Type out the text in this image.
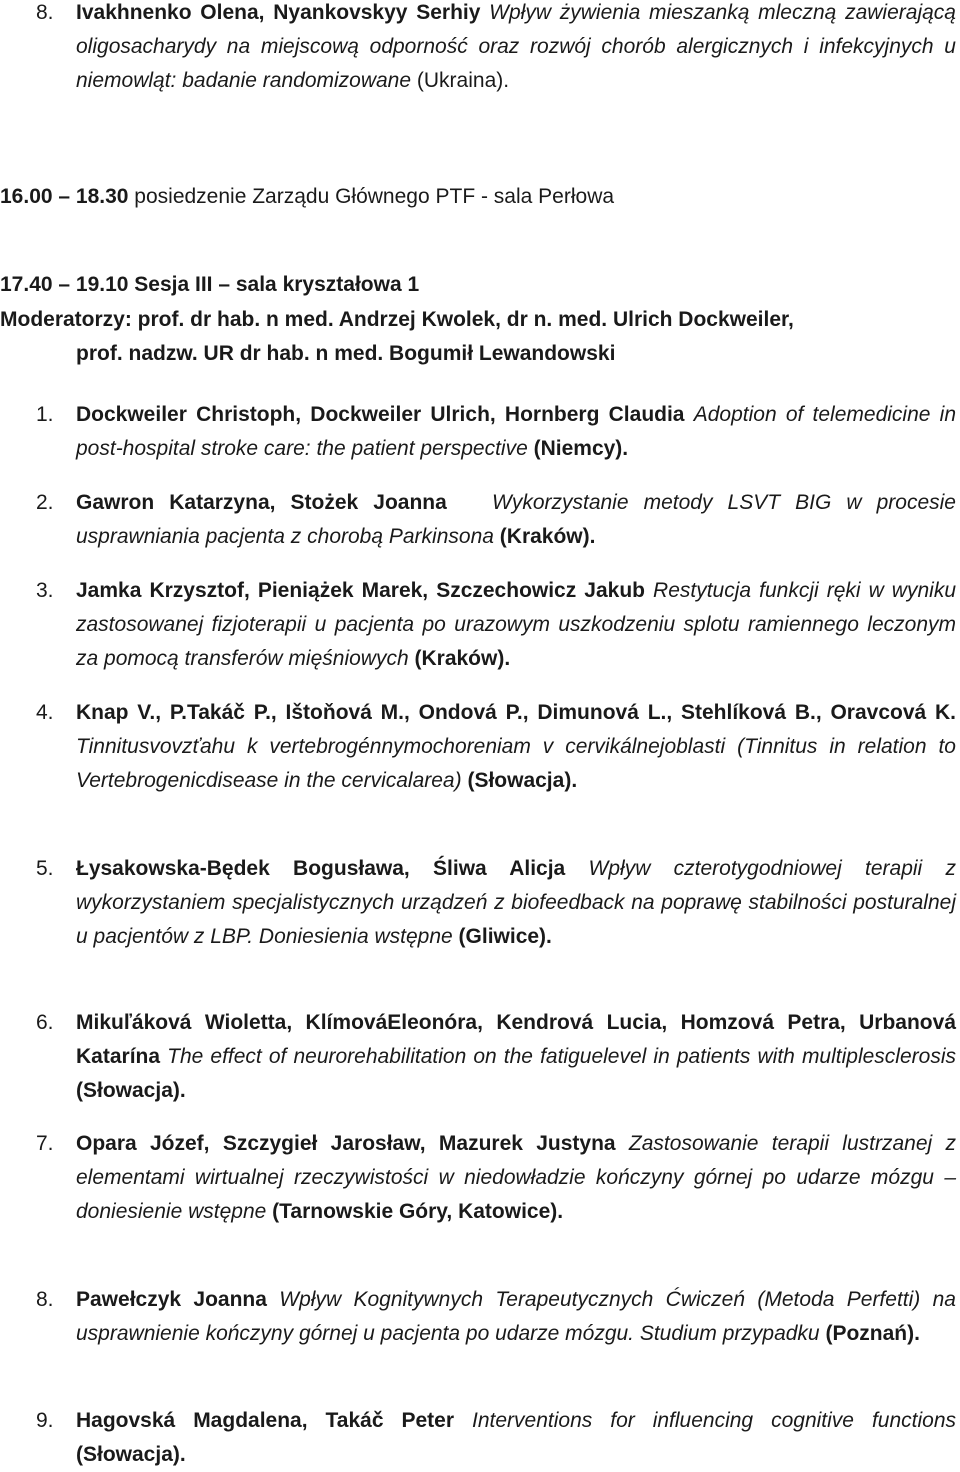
8. Ivakhnenko Olena, Nyankovskyy Serhiy Wpływ żywienia mieszanką mleczną zawierającą oligosacharydy na miejscową odporność oraz rozwój chorób alergicznych i infekcyjnych u niemowląt: badanie randomizowane (Ukraina).
16.00 – 18.30 posiedzenie Zarządu Głównego PTF - sala Perłowa
17.40 – 19.10 Sesja III – sala kryształowa 1
Moderatorzy: prof. dr hab. n med. Andrzej Kwolek, dr n. med. Ulrich Dockweiler,
prof. nadzw. UR dr hab. n med. Bogumił Lewandowski
1. Dockweiler Christoph, Dockweiler Ulrich, Hornberg Claudia Adoption of telemedicine in post-hospital stroke care: the patient perspective (Niemcy).
2. Gawron Katarzyna, Stożek Joanna Wykorzystanie metody LSVT BIG w procesie usprawniania pacjenta z chorobą Parkinsona (Kraków).
3. Jamka Krzysztof, Pieniążek Marek, Szczechowicz Jakub Restytucja funkcji ręki w wyniku zastosowanej fizjoterapii u pacjenta po urazowym uszkodzeniu splotu ramiennego leczonym za pomocą transferów mięśniowych (Kraków).
4. Knap V., P.Takáč P., Ištoňová M., Ondová P., Dimunová L., Stehlíková B., Oravcová K. Tinnitusvovzťahu k vertebrogénnymochoreniam v cervikálnejoblasti (Tinnitus in relation to Vertebrogenicdisease in the cervicalarea) (Słowacja).
5. Łysakowska-Będek Bogusława, Śliwa Alicja Wpływ czterotygodniowej terapii z wykorzystaniem specjalistycznych urządzeń z biofeedback na poprawę stabilności posturalnej u pacjentów z LBP. Doniesienia wstępne (Gliwice).
6. Mikuľáková Wioletta, KlímováEleonóra, Kendrová Lucia, Homzová Petra, Urbanová Katarína The effect of neurorehabilitation on the fatiguelevel in patients with multiplesclerosis (Słowacja).
7. Opara Józef, Szczygieł Jarosław, Mazurek Justyna Zastosowanie terapii lustrzanej z elementami wirtualnej rzeczywistości w niedowładzie kończyny górnej po udarze mózgu – doniesienie wstępne (Tarnowskie Góry, Katowice).
8. Pawełczyk Joanna Wpływ Kognitywnych Terapeutycznych Ćwiczeń (Metoda Perfetti) na usprawnienie kończyny górnej u pacjenta po udarze mózgu. Studium przypadku (Poznań).
9. Hagovská Magdalena, Takáč Peter Interventions for influencing cognitive functions (Słowacja).
